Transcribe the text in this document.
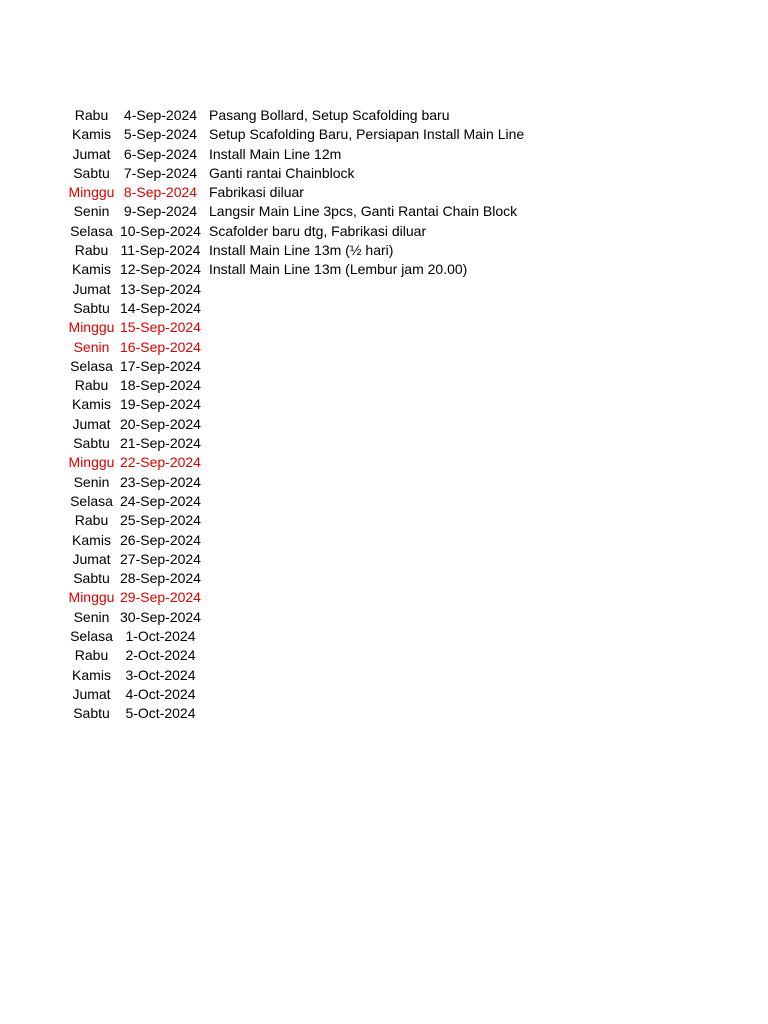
Rabu	4-Sep-2024 Pasang Bollard, Setup Scafolding baru
Kamis 5-Sep-2024 Setup Scafolding Baru, Persiapan Install Main Line
Jumat 6-Sep-2024 Install Main Line 12m
Sabtu	7-Sep-2024 Ganti rantai Chainblock
Minggu 8-Sep-2024 Fabrikasi diluar
Senin	9-Sep-2024 Langsir Main Line 3pcs, Ganti Rantai Chain Block
Selasa 10-Sep-2024 Scafolder baru dtg, Fabrikasi diluar
Rabu 11-Sep-2024 Install Main Line 13m (½ hari)
Kamis 12-Sep-2024 Install Main Line 13m (Lembur jam 20.00)
Jumat 13-Sep-2024
Sabtu 14-Sep-2024
Minggu 15-Sep-2024
Senin 16-Sep-2024
Selasa 17-Sep-2024
Rabu 18-Sep-2024
Kamis 19-Sep-2024
Jumat 20-Sep-2024
Sabtu 21-Sep-2024
Minggu 22-Sep-2024
Senin 23-Sep-2024
Selasa 24-Sep-2024
Rabu 25-Sep-2024
Kamis 26-Sep-2024
Jumat 27-Sep-2024
Sabtu 28-Sep-2024
Minggu 29-Sep-2024
Senin 30-Sep-2024
Selasa 1-Oct-2024
Rabu	2-Oct-2024
Kamis	3-Oct-2024
Jumat	4-Oct-2024
Sabtu	5-Oct-2024
